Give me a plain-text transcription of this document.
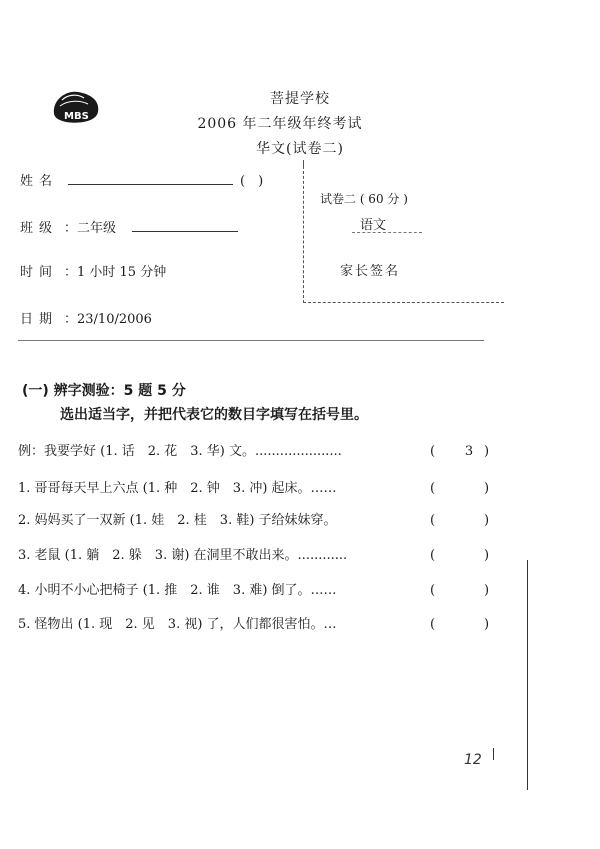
MBS
菩提学校
2006 年二年级年终考试
华文(试卷二)
姓名	(　)
班级 ：二年级
时间 ：1 小时 15 分钟
日期 ：23/10/2006
试卷二 ( 60 分 )
语文
家长签名
(一) 辨字测验：5 题 5 分
选出适当字，并把代表它的数目字填写在括号里。
例：我要学好 (1. 话　2. 花　3. 华) 文。.....................	(	3 )
1. 哥哥每天早上六点 (1. 种　2. 钟　3. 冲) 起床。……	(	)
2. 妈妈买了一双新 (1. 娃　2. 桂　3. 鞋) 子给妹妹穿。	(	)
3. 老鼠 (1. 躺　2. 躲　3. 谢) 在洞里不敢出来。............	(	)
4. 小明不小心把椅子 (1. 推　2. 谁　3. 难) 倒了。……	(	)
5. 怪物出 (1. 现　2. 见　3. 视) 了，人们都很害怕。…	(	)
12
